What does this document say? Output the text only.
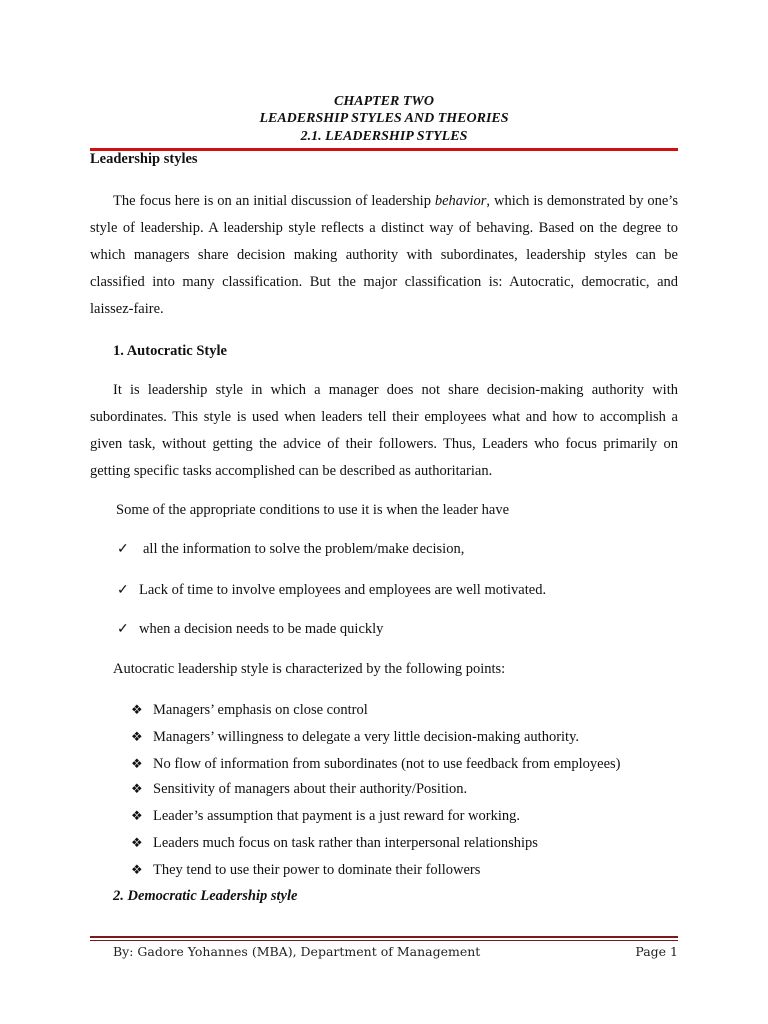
CHAPTER TWO
LEADERSHIP STYLES AND THEORIES
2.1. LEADERSHIP STYLES
Leadership styles
The focus here is on an initial discussion of leadership behavior, which is demonstrated by one’s style of leadership. A leadership style reflects a distinct way of behaving. Based on the degree to which managers share decision making authority with subordinates, leadership styles can be classified into many classification. But the major classification is: Autocratic, democratic, and laissez-faire.
1. Autocratic Style
It is leadership style in which a manager does not share decision-making authority with subordinates. This style is used when leaders tell their employees what and how to accomplish a given task, without getting the advice of their followers. Thus, Leaders who focus primarily on getting specific tasks accomplished can be described as authoritarian.
Some of the appropriate conditions to use it is when the leader have
✓ all the information to solve the problem/make decision,
✓ Lack of time to involve employees and employees are well motivated.
✓ when a decision needs to be made quickly
Autocratic leadership style is characterized by the following points:
❖ Managers’ emphasis on close control
❖ Managers’ willingness to delegate a very little decision-making authority.
❖ No flow of information from subordinates (not to use feedback from employees)
❖ Sensitivity of managers about their authority/Position.
❖ Leader’s assumption that payment is a just reward for working.
❖ Leaders much focus on task rather than interpersonal relationships
❖ They tend to use their power to dominate their followers
2. Democratic Leadership style
By: Gadore Yohannes (MBA), Department of Management	Page 1
